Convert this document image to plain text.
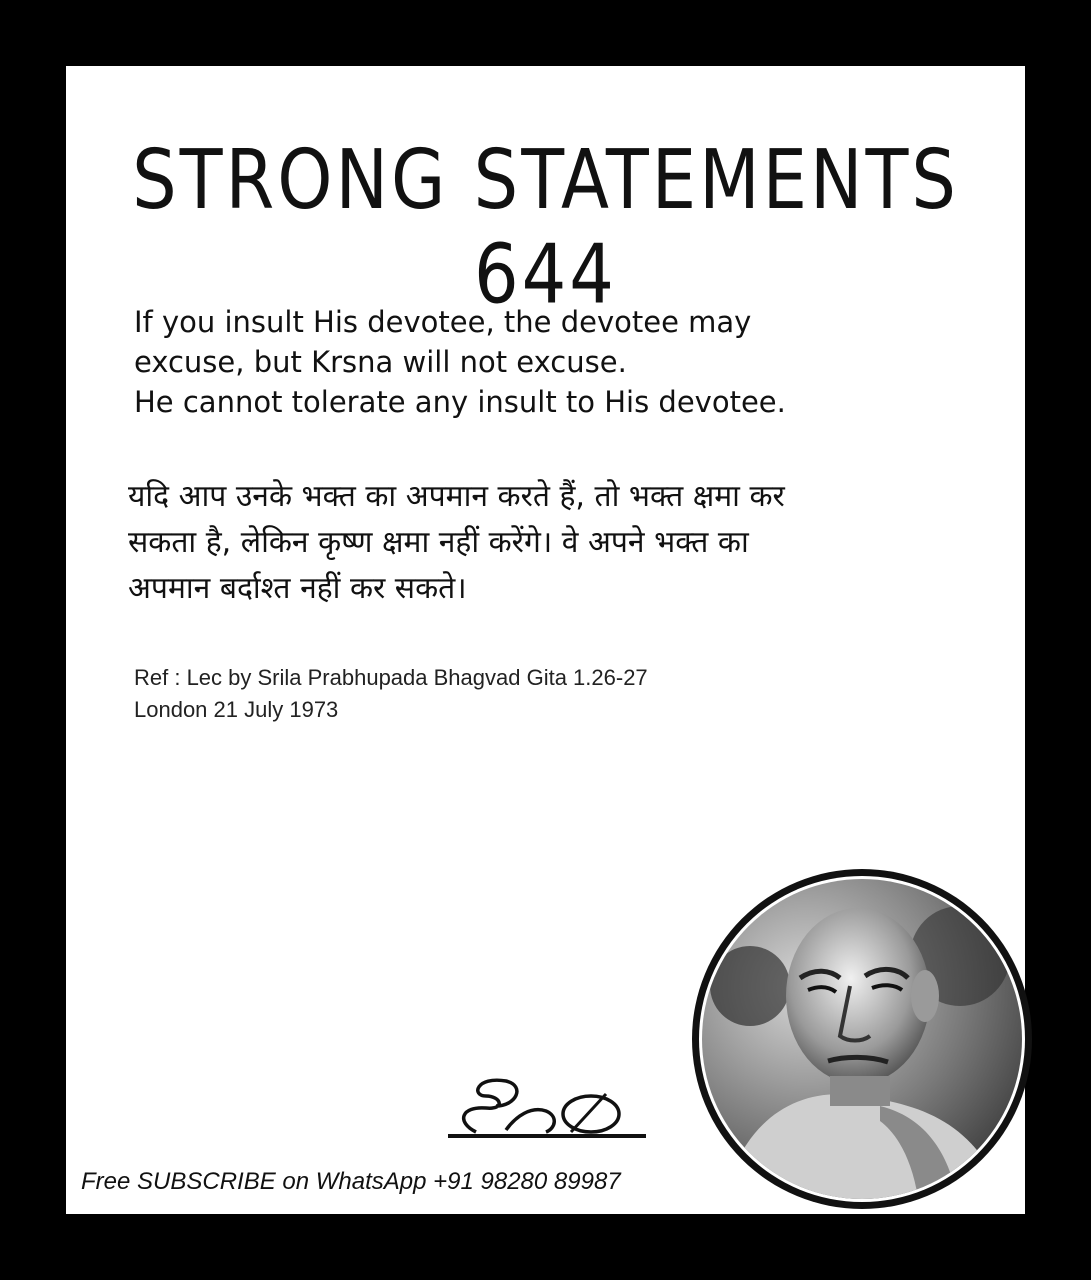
STRONG STATEMENTS 644
If you insult His devotee, the devotee may
excuse, but Krsna will not excuse.
He cannot tolerate any insult to His devotee.
यदि आप उनके भक्त का अपमान करते हैं, तो भक्त क्षमा कर
सकता है, लेकिन कृष्ण क्षमा नहीं करेंगे। वे अपने भक्त का
अपमान बर्दाश्त नहीं कर सकते।
Ref : Lec by Srila Prabhupada Bhagvad Gita 1.26-27
London 21 July 1973
Free SUBSCRIBE on WhatsApp +91 98280 89987
